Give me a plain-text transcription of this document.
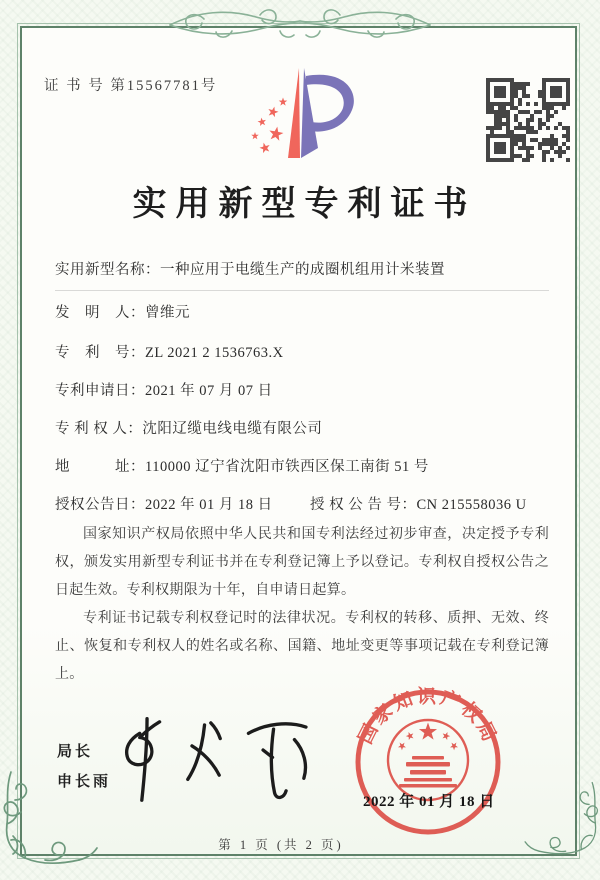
证 书 号 第15567781号
实用新型专利证书
实用新型名称：一种应用于电缆生产的成圈机组用计米装置
发　明　人：曾维元
专　利　号：ZL 2021 2 1536763.X
专利申请日：2021 年 07 月 07 日
专 利 权 人：沈阳辽缆电线电缆有限公司
地　　　址：110000 辽宁省沈阳市铁西区保工南街 51 号
授权公告日：2022 年 01 月 18 日	授 权 公 告 号：CN 215558036 U

国家知识产权局依照中华人民共和国专利法经过初步审查，决定授予专利权，颁发实用新型专利证书并在专利登记簿上予以登记。专利权自授权公告之日起生效。专利权期限为十年，自申请日起算。

专利证书记载专利权登记时的法律状况。专利权的转移、质押、无效、终止、恢复和专利权人的姓名或名称、国籍、地址变更等事项记载在专利登记簿上。

局长
申长雨
国家知识产权局
2022 年 01 月 18 日
第 1 页 (共 2 页)
